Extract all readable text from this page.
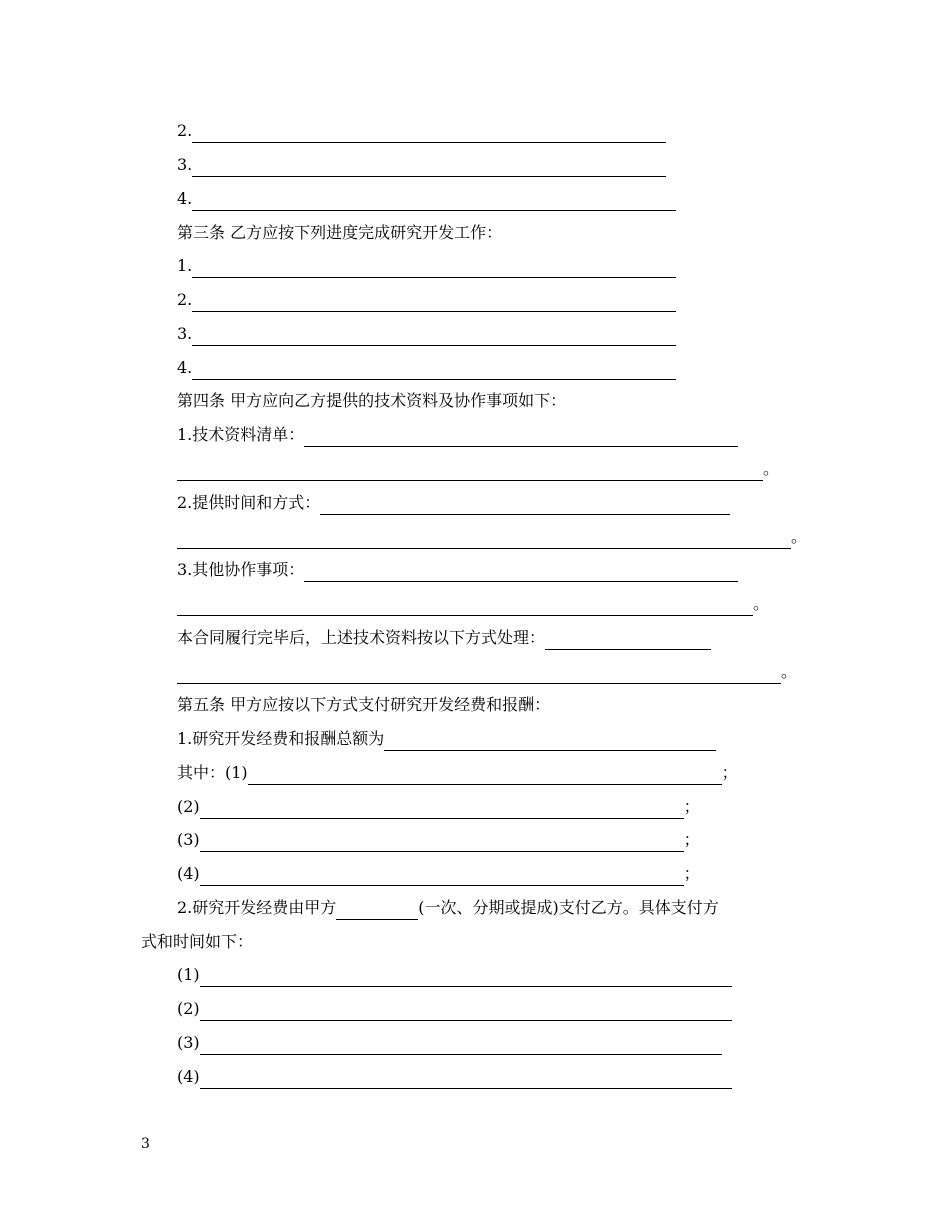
2.
3.
4.
第三条 乙方应按下列进度完成研究开发工作：
1.
2.
3.
4.
第四条 甲方应向乙方提供的技术资料及协作事项如下：
1.技术资料清单：
。
2.提供时间和方式：
。
3.其他协作事项：
。
本合同履行完毕后，上述技术资料按以下方式处理：
。
第五条 甲方应按以下方式支付研究开发经费和报酬：
1.研究开发经费和报酬总额为
其中：(1)	；
(2)	；
(3)	；
(4)	；
2.研究开发经费由甲方	(一次、分期或提成)支付乙方。具体支付方
式和时间如下：
(1)
(2)
(3)
(4)
3
